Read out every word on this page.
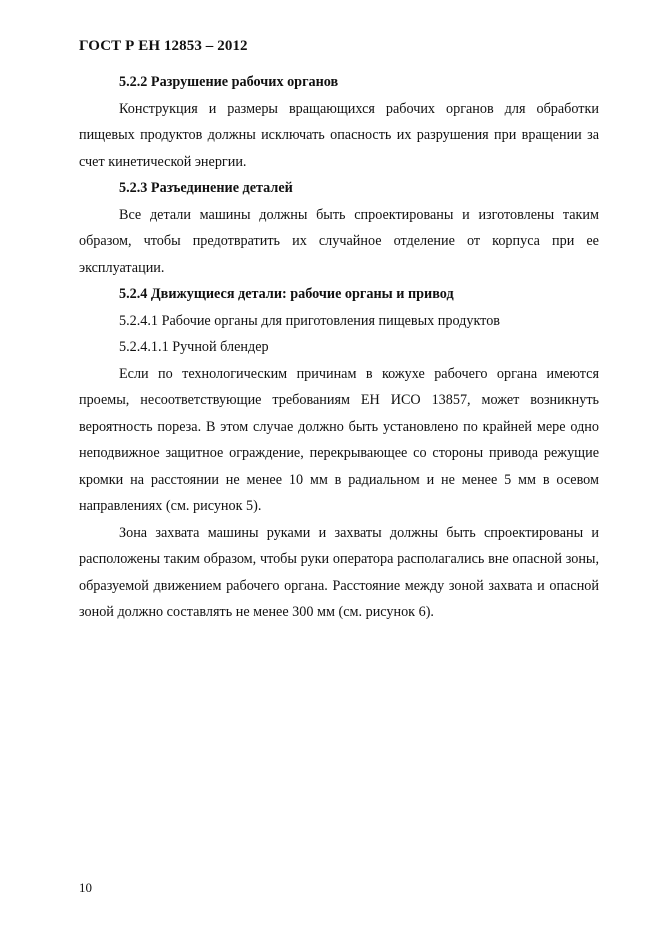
ГОСТ Р ЕН 12853 – 2012

5.2.2 Разрушение рабочих органов

Конструкция и размеры вращающихся рабочих органов для обработки пищевых продуктов должны исключать опасность их разрушения при вращении за счет кинетической энергии.

5.2.3 Разъединение деталей

Все детали машины должны быть спроектированы и изготовлены таким образом, чтобы предотвратить их случайное отделение от корпуса при ее эксплуатации.

5.2.4 Движущиеся детали: рабочие органы и привод

5.2.4.1 Рабочие органы для приготовления пищевых продуктов

5.2.4.1.1 Ручной блендер

Если по технологическим причинам в кожухе рабочего органа имеются проемы, несоответствующие требованиям ЕН ИСО 13857, может возникнуть вероятность пореза. В этом случае должно быть установлено по крайней мере одно неподвижное защитное ограждение, перекрывающее со стороны привода режущие кромки на расстоянии не менее 10 мм в радиальном и не менее 5 мм в осевом направлениях (см. рисунок 5).

Зона захвата машины руками и захваты должны быть спроектированы и расположены таким образом, чтобы руки оператора располагались вне опасной зоны, образуемой движением рабочего органа. Расстояние между зоной захвата и опасной зоной должно составлять не менее 300 мм (см. рисунок 6).

10
